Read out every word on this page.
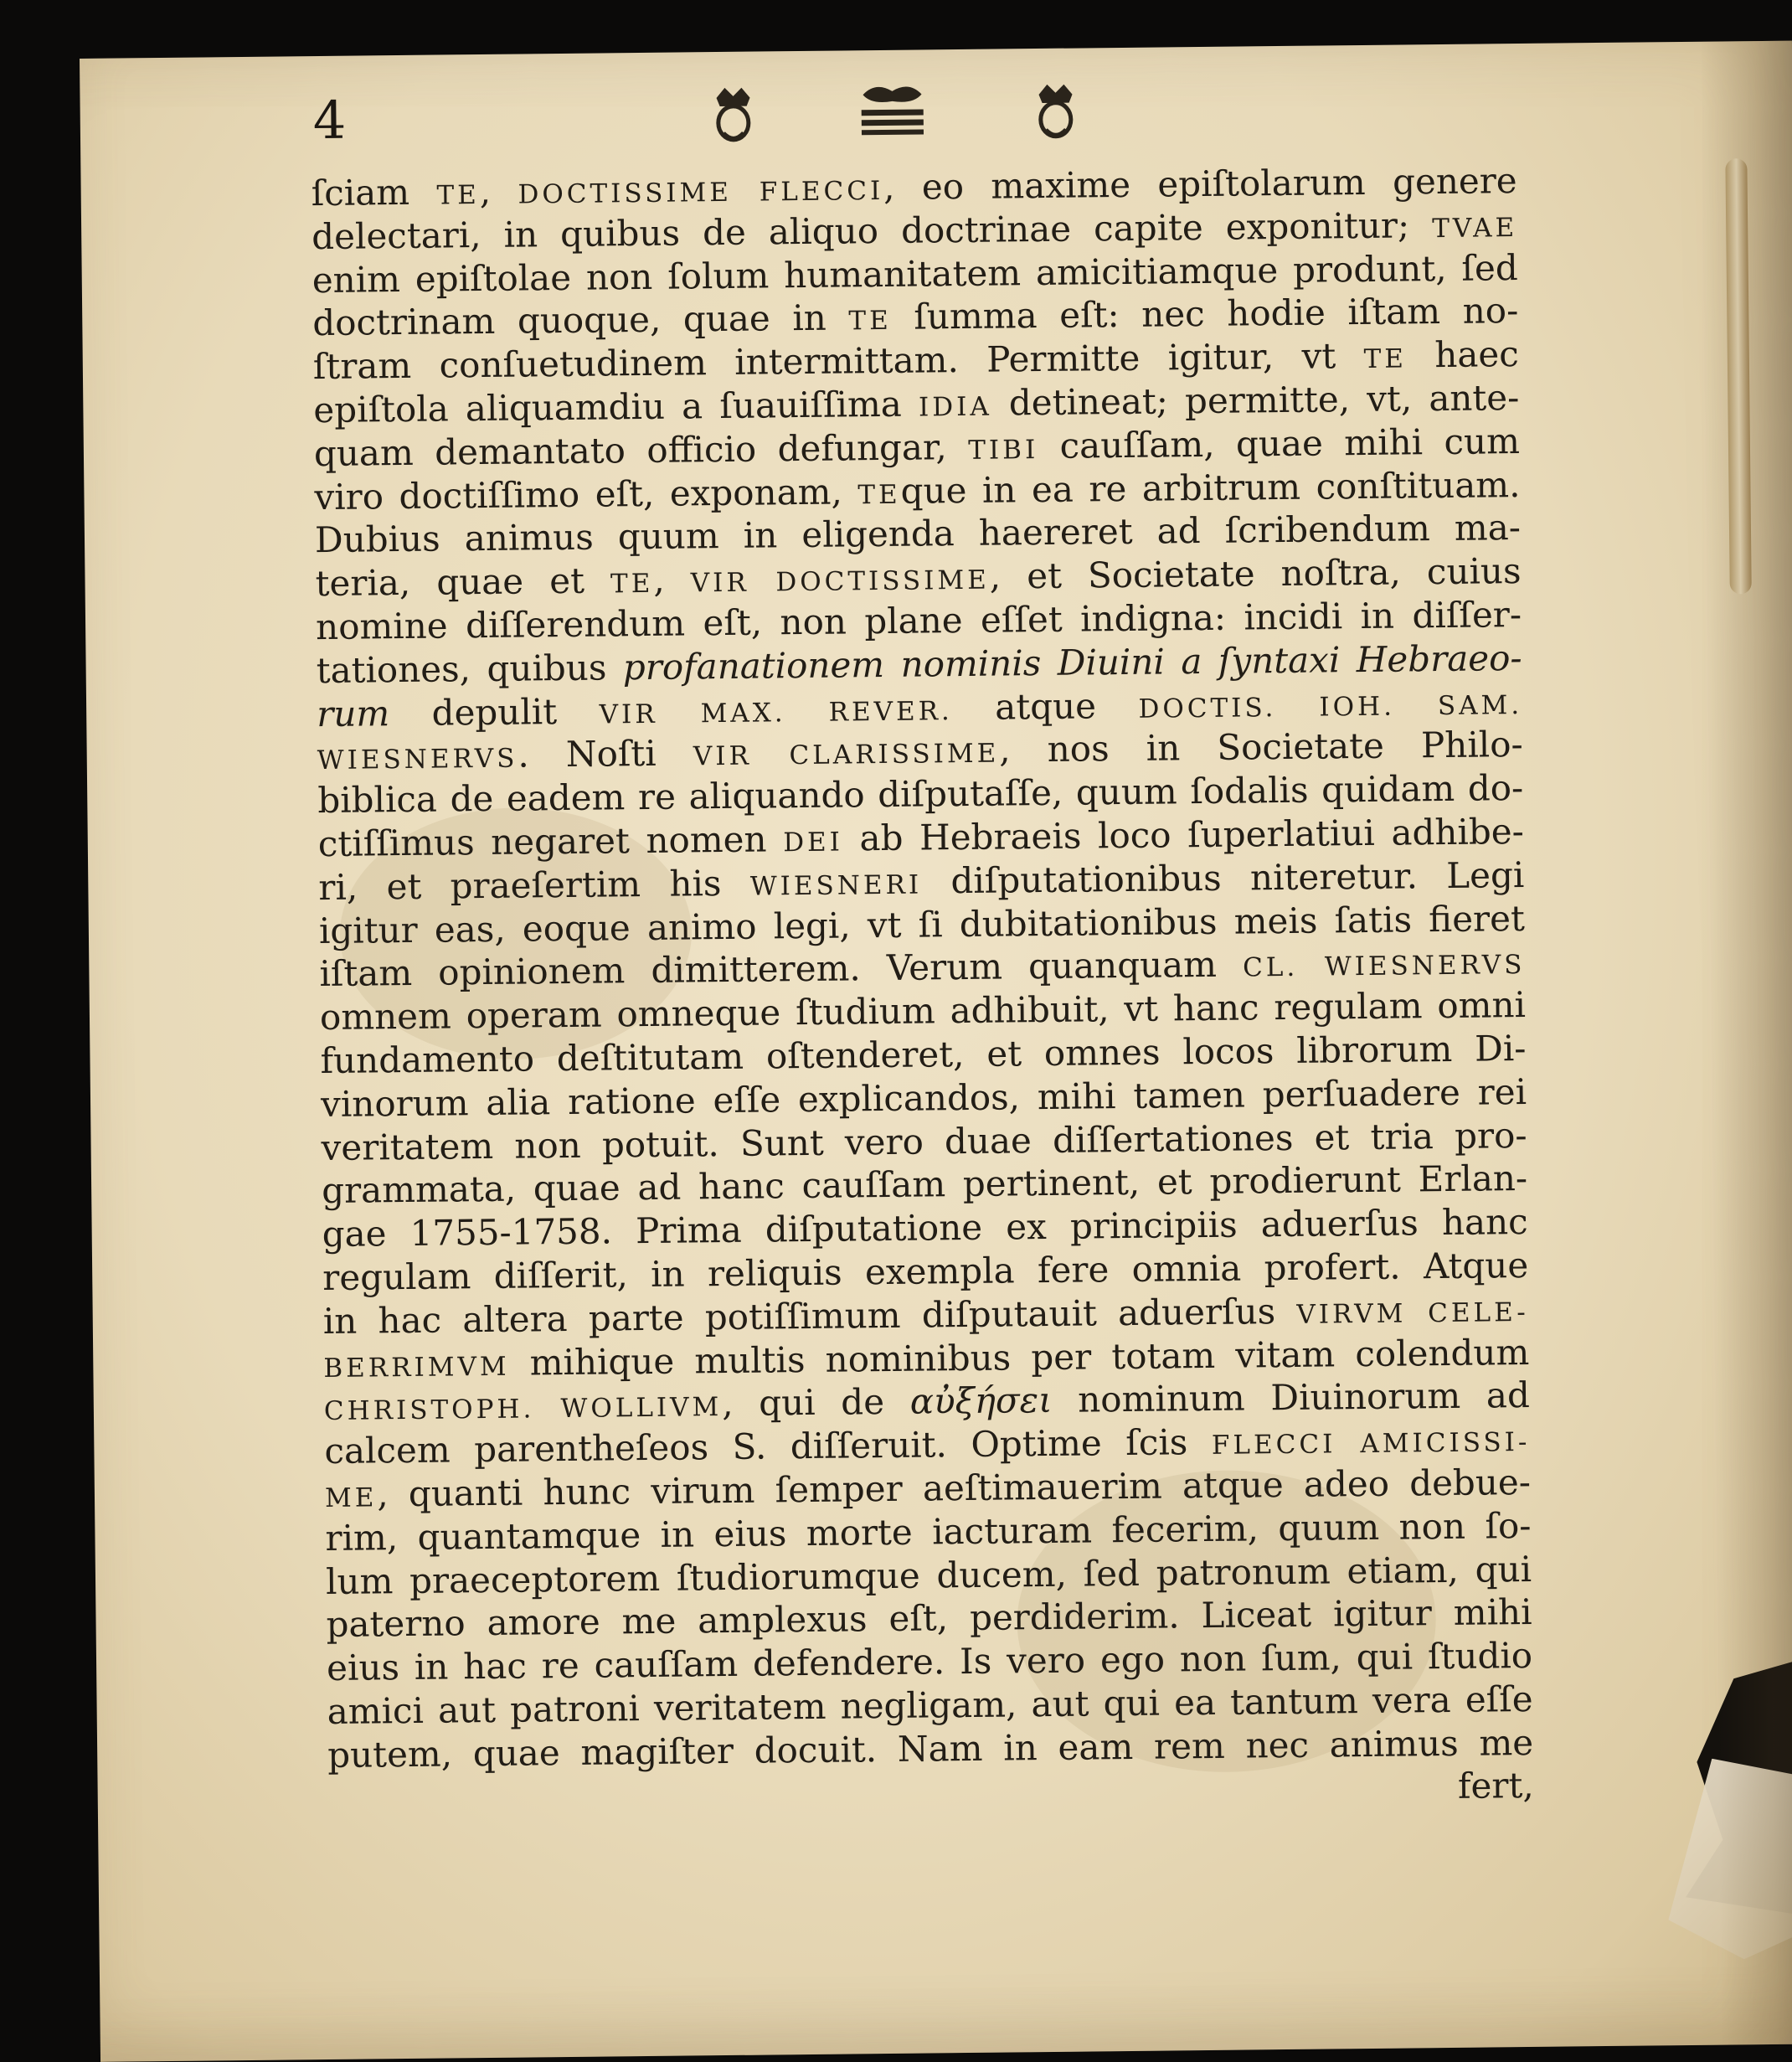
4
ſciam TE, DOCTISSIME FLECCI, eo maxime epiſtolarum genere
delectari, in quibus de aliquo doctrinae capite exponitur; TVAE
enim epiſtolae non ſolum humanitatem amicitiamque produnt, ſed
doctrinam quoque, quae in TE ſumma eſt: nec hodie iſtam no-
ſtram conſuetudinem intermittam. Permitte igitur, vt TE haec
epiſtola aliquamdiu a ſuauiſſima IDIA detineat; permitte, vt, ante-
quam demantato officio defungar, TIBI cauſſam, quae mihi cum
viro doctiſſimo eſt, exponam, TEque in ea re arbitrum conſtituam.
Dubius animus quum in eligenda haereret ad ſcribendum ma-
teria, quae et TE, VIR DOCTISSIME, et Societate noſtra, cuius
nomine diſſerendum eſt, non plane eſſet indigna: incidi in diſſer-
tationes, quibus profanationem nominis Diuini a ſyntaxi Hebraeo-
rum depulit VIR MAX. REVER. atque DOCTIS. IOH. SAM.
WIESNERVS. Noſti VIR CLARISSIME, nos in Societate Philo-
biblica de eadem re aliquando diſputaſſe, quum ſodalis quidam do-
ctiſſimus negaret nomen DEI ab Hebraeis loco ſuperlatiui adhibe-
ri, et praeſertim his WIESNERI diſputationibus niteretur. Legi
igitur eas, eoque animo legi, vt ſi dubitationibus meis ſatis fieret
iſtam opinionem dimitterem. Verum quanquam CL. WIESNERVS
omnem operam omneque ſtudium adhibuit, vt hanc regulam omni
fundamento deſtitutam oſtenderet, et omnes locos librorum Di-
vinorum alia ratione eſſe explicandos, mihi tamen perſuadere rei
veritatem non potuit. Sunt vero duae diſſertationes et tria pro-
grammata, quae ad hanc cauſſam pertinent, et prodierunt Erlan-
gae 1755-1758. Prima diſputatione ex principiis aduerſus hanc
regulam diſſerit, in reliquis exempla fere omnia profert. Atque
in hac altera parte potiſſimum diſputauit aduerſus VIRVM CELE-
BERRIMVM mihique multis nominibus per totam vitam colendum
CHRISTOPH. WOLLIVM, qui de αὐξήσει nominum Diuinorum ad
calcem parentheſeos S. diſſeruit. Optime ſcis FLECCI AMICISSI-
ME, quanti hunc virum ſemper aeſtimauerim atque adeo debue-
rim, quantamque in eius morte iacturam fecerim, quum non ſo-
lum praeceptorem ſtudiorumque ducem, ſed patronum etiam, qui
paterno amore me amplexus eſt, perdiderim. Liceat igitur mihi
eius in hac re cauſſam defendere. Is vero ego non ſum, qui ſtudio
amici aut patroni veritatem negligam, aut qui ea tantum vera eſſe
putem, quae magiſter docuit. Nam in eam rem nec animus me
fert,
